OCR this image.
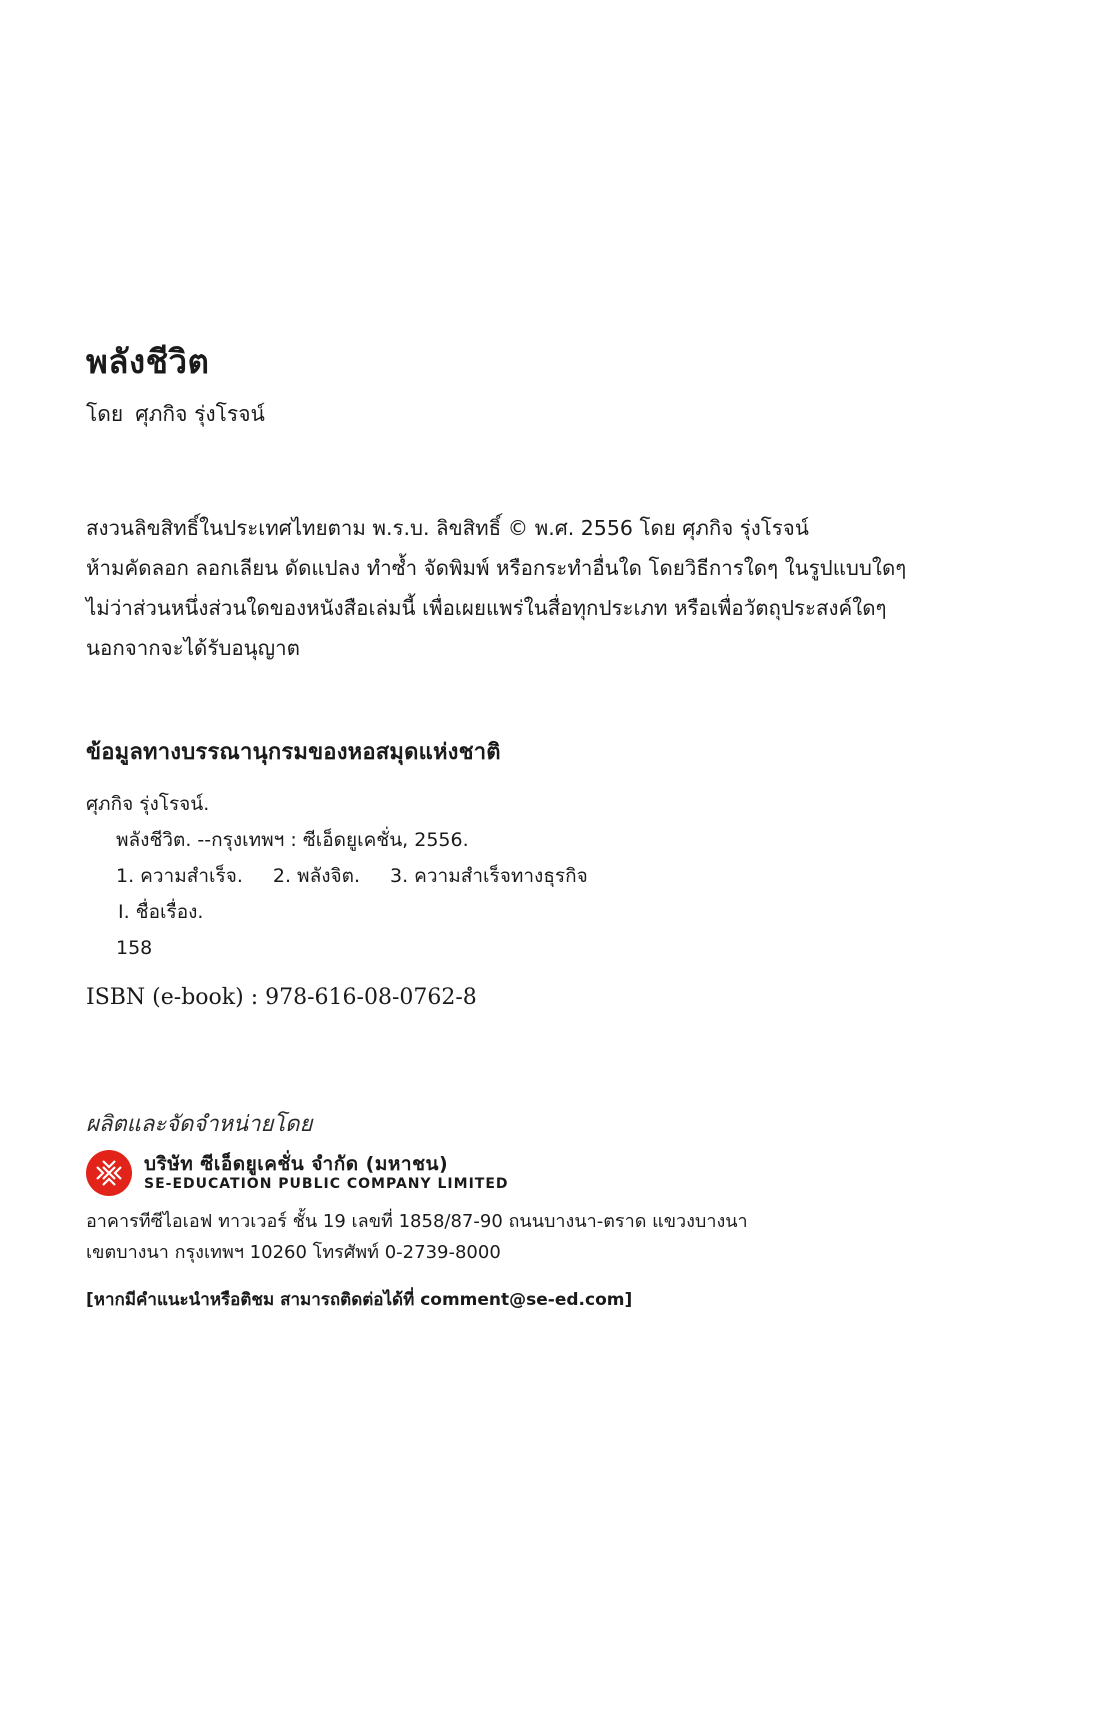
พลังชีวิต
โดย ศุภกิจ รุ่งโรจน์
สงวนลิขสิทธิ์ในประเทศไทยตาม พ.ร.บ. ลิขสิทธิ์ © พ.ศ. 2556 โดย ศุภกิจ รุ่งโรจน์
ห้ามคัดลอก ลอกเลียน ดัดแปลง ทำซ้ำ จัดพิมพ์ หรือกระทำอื่นใด โดยวิธีการใดๆ ในรูปแบบใดๆ
ไม่ว่าส่วนหนึ่งส่วนใดของหนังสือเล่มนี้ เพื่อเผยแพร่ในสื่อทุกประเภท หรือเพื่อวัตถุประสงค์ใดๆ
นอกจากจะได้รับอนุญาต
ข้อมูลทางบรรณานุกรมของหอสมุดแห่งชาติ
ศุภกิจ รุ่งโรจน์.
พลังชีวิต. --กรุงเทพฯ : ซีเอ็ดยูเคชั่น, 2556.
1. ความสำเร็จ. 2. พลังจิต. 3. ความสำเร็จทางธุรกิจ
I. ชื่อเรื่อง.
158
ISBN (e-book) : 978-616-08-0762-8
ผลิตและจัดจำหน่ายโดย
บริษัท ซีเอ็ดยูเคชั่น จำกัด (มหาชน)
SE-EDUCATION PUBLIC COMPANY LIMITED
อาคารทีซีไอเอฟ ทาวเวอร์ ชั้น 19 เลขที่ 1858/87-90 ถนนบางนา-ตราด แขวงบางนา
เขตบางนา กรุงเทพฯ 10260 โทรศัพท์ 0-2739-8000
[หากมีคำแนะนำหรือติชม สามารถติดต่อได้ที่ comment@se-ed.com]
